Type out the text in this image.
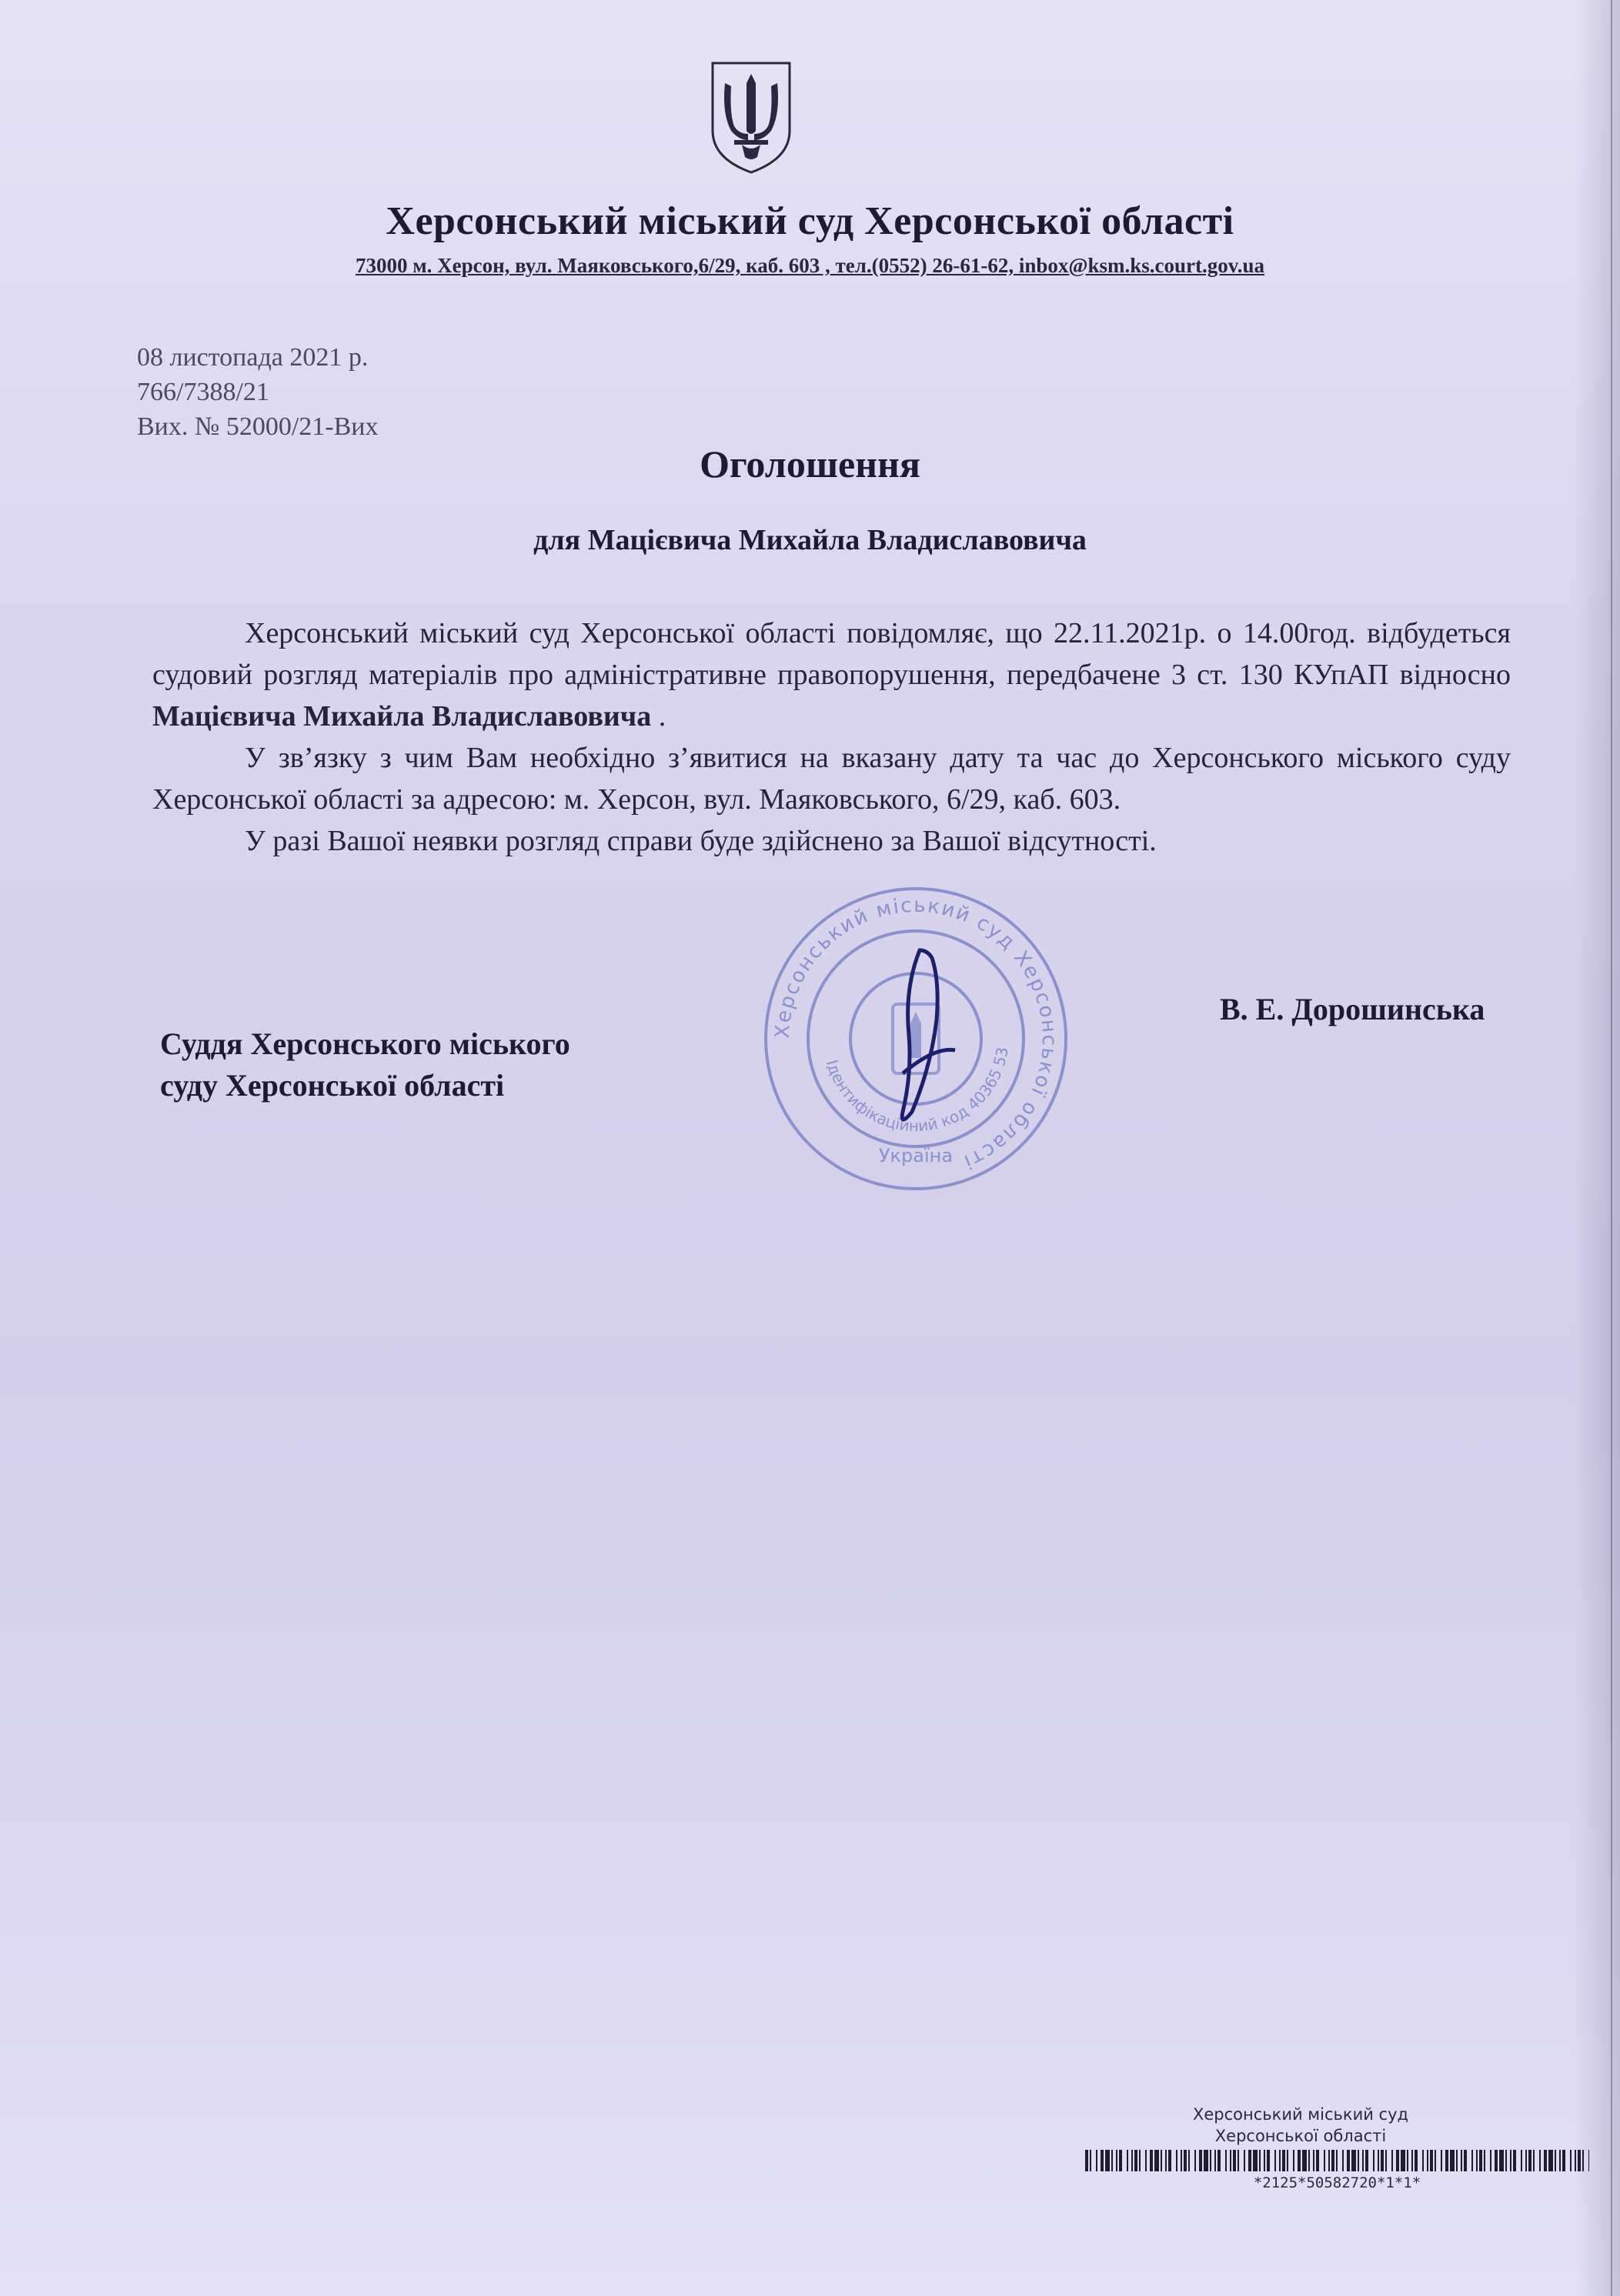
Херсонський міський суд Херсонської області
73000 м. Херсон, вул. Маяковського,6/29, каб. 603 , тел.(0552) 26-61-62, inbox@ksm.ks.court.gov.ua
08 листопада 2021 р.
766/7388/21
Вих. № 52000/21-Вих
Оголошення
для Мацієвича Михайла Владиславовича

Херсонський міський суд Херсонської області повідомляє, що 22.11.2021р. о 14.00год. відбудеться судовий розгляд матеріалів про адміністративне правопорушення, передбачене 3 ст. 130 КУпАП відносно Мацієвича Михайла Владиславовича .

У зв’язку з чим Вам необхідно з’явитися на вказану дату та час до Херсонського міського суду Херсонської області за адресою: м. Херсон, вул. Маяковського, 6/29, каб. 603.

У разі Вашої неявки розгляд справи буде здійснено за Вашої відсутності.

Херсонський міський суд Херсонської області
Ідентифікаційний код 40365 53
Україна
В. Е. Дорошинська
Суддя Херсонського міського
суду Херсонської області
Херсонський міський суд
Херсонської області
*2125*50582720*1*1*
